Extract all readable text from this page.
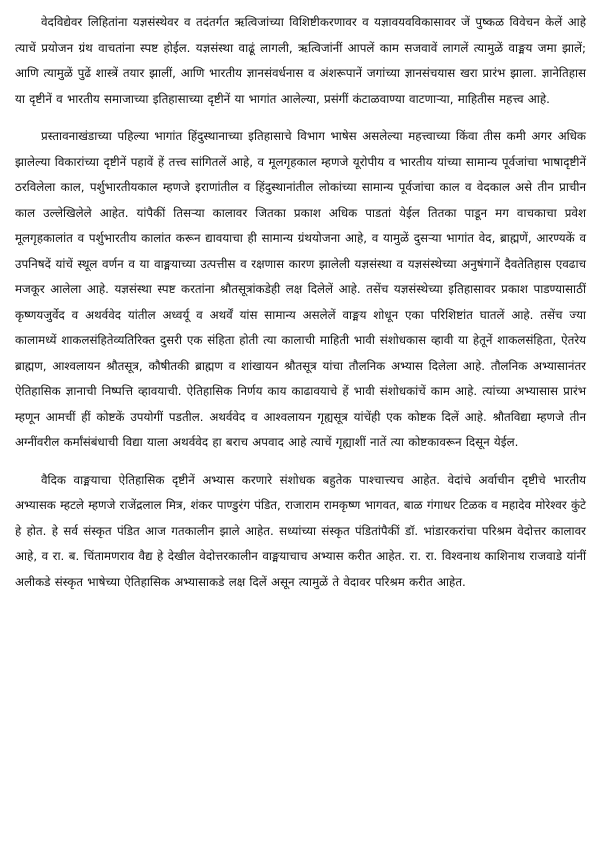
वेदविद्येवर लिहितांना यज्ञसंस्थेवर व तदंतर्गत ऋत्विजांच्या विशिष्टीकरणावर व यज्ञावयवविकासावर जें पुष्कळ विवेचन केलें आहे त्याचें प्रयोजन ग्रंथ वाचतांना स्पष्ट होईल. यज्ञसंस्था वाढूं लागली, ऋत्विजांनीं आपलें काम सजवावें लागलें त्यामुळें वाङ्मय जमा झालें; आणि त्यामुळें पुढें शास्त्रें तयार झालीं, आणि भारतीय ज्ञानसंवर्धनास व अंशरूपानें जगांच्या ज्ञानसंचयास खरा प्रारंभ झाला. ज्ञानेतिहास या दृष्टीनें व भारतीय समाजाच्या इतिहासाच्या दृष्टीनें या भागांत आलेल्या, प्रसंगीं कंटाळवाण्या वाटणाऱ्या, माहितीस महत्त्व आहे.

प्रस्तावनाखंडाच्या पहिल्या भागांत हिंदुस्थानाच्या इतिहासाचे विभाग भाषेस असलेल्या महत्त्वाच्या किंवा तीस कमी अगर अधिक झालेल्या विकारांच्या दृष्टीनें पहावें हें तत्त्व सांगितलें आहे, व मूलगृहकाल म्हणजे यूरोपीय व भारतीय यांच्या सामान्य पूर्वजांचा भाषादृष्टीनें ठरविलेला काल, पर्शुभारतीयकाल म्हणजे इराणांतील व हिंदुस्थानांतील लोकांच्या सामान्य पूर्वजांचा काल व वेदकाल असे तीन प्राचीन काल उल्लेखिलेले आहेत. यांपैकीं तिसऱ्या कालावर जितका प्रकाश अधिक पाडतां येईल तितका पाडून मग वाचकाचा प्रवेश मूलगृहकालांत व पर्शुभारतीय कालांत करून द्यावयाचा ही सामान्य ग्रंथयोजना आहे, व यामुळें दुसऱ्या भागांत वेद, ब्राह्मणें, आरण्यकें व उपनिषदें यांचें स्थूल वर्णन व या वाङ्मयाच्या उत्पत्तीस व रक्षणास कारण झालेली यज्ञसंस्था व यज्ञसंस्थेच्या अनुषंगानें दैवतेतिहास एवढाच मजकूर आलेला आहे. यज्ञसंस्था स्पष्ट करतांना श्रौतसूत्रांकडेही लक्ष दिलेलें आहे. तसेंच यज्ञसंस्थेच्या इतिहासावर प्रकाश पाडण्यासाठीं कृष्णयजुर्वेद व अथर्ववेद यांतील अध्वर्यू व अथर्वें यांस सामान्य असलेलें वाङ्मय शोधून एका परिशिष्टांत घातलें आहे. तसेंच ज्या कालामध्यें शाकलसंहितेव्यतिरिक्त दुसरी एक संहिता होती त्या कालाची माहिती भावी संशोधकास व्हावी या हेतूनें शाकलसंहिता, ऐतरेय ब्राह्मण, आश्वलायन श्रौतसूत्र, कौषीतकी ब्राह्मण व शांखायन श्रौतसूत्र यांचा तौलनिक अभ्यास दिलेला आहे. तौलनिक अभ्यासानंतर ऐतिहासिक ज्ञानाची निष्पत्ति व्हावयाची. ऐतिहासिक निर्णय काय काढावयाचे हें भावी संशोधकांचें काम आहे. त्यांच्या अभ्यासास प्रारंभ म्हणून आमचीं हीं कोष्टकें उपयोगीं पडतील. अथर्ववेद व आश्वलायन गृह्यसूत्र यांचेंही एक कोष्टक दिलें आहे. श्रौतविद्या म्हणजे तीन अग्नींवरील कर्मांसंबंधाची विद्या याला अथर्ववेद हा बराच अपवाद आहे त्याचें गृह्याशीं नातें त्या कोष्टकावरून दिसून येईल.

वैदिक वाङ्मयाचा ऐतिहासिक दृष्टीनें अभ्यास करणारे संशोधक बहुतेक पाश्चात्त्यच आहेत. वेदांचे अर्वाचीन दृष्टीचे भारतीय अभ्यासक म्हटले म्हणजे राजेंद्रलाल मित्र, शंकर पाण्डुरंग पंडित, राजाराम रामकृष्ण भागवत, बाळ गंगाधर टिळक व महादेव मोरेश्वर कुंटे हे होत. हे सर्व संस्कृत पंडित आज गतकालीन झाले आहेत. सध्यांच्या संस्कृत पंडितांपैकीं डॉ. भांडारकरांचा परिश्रम वेदोत्तर कालावर आहे, व रा. ब. चिंतामणराव वैद्य हे देखील वेदोत्तरकालीन वाङ्मयाचाच अभ्यास करीत आहेत. रा. रा. विश्वनाथ काशिनाथ राजवाडे यांनीं अलीकडे संस्कृत भाषेच्या ऐतिहासिक अभ्यासाकडे लक्ष दिलें असून त्यामुळें ते वेदावर परिश्रम करीत आहेत.
